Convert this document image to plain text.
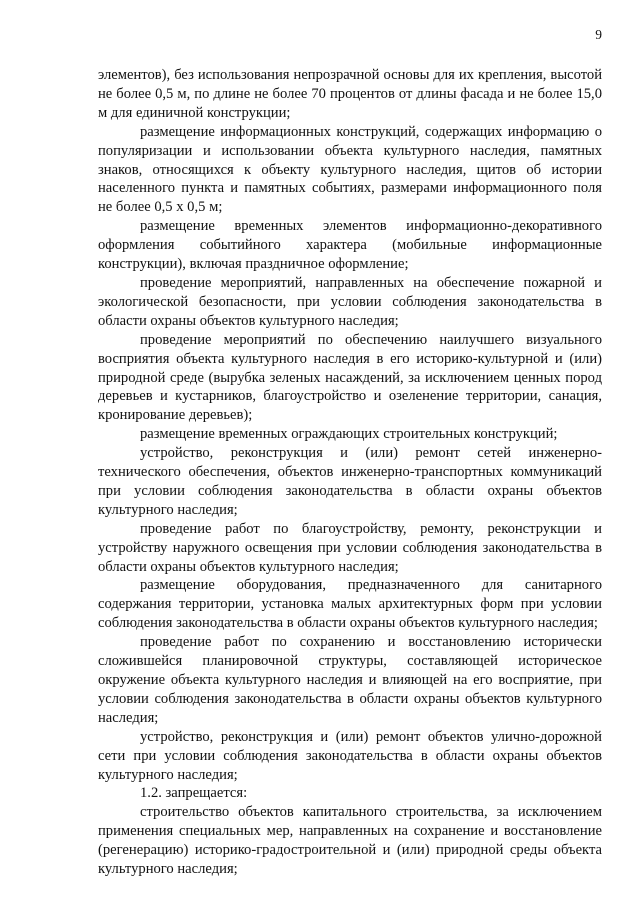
9

элементов), без использования непрозрачной основы для их крепления, высотой не более 0,5 м, по длине не более 70 процентов от длины фасада и не более 15,0 м для единичной конструкции;

размещение информационных конструкций, содержащих информацию о популяризации и использовании объекта культурного наследия, памятных знаков, относящихся к объекту культурного наследия, щитов об истории населенного пункта и памятных событиях, размерами информационного поля не более 0,5 х 0,5 м;

размещение временных элементов информационно-декоративного оформления событийного характера (мобильные информационные конструкции), включая праздничное оформление;

проведение мероприятий, направленных на обеспечение пожарной и экологической безопасности, при условии соблюдения законодательства в области охраны объектов культурного наследия;

проведение мероприятий по обеспечению наилучшего визуального восприятия объекта культурного наследия в его историко-культурной и (или) природной среде (вырубка зеленых насаждений, за исключением ценных пород деревьев и кустарников, благоустройство и озеленение территории, санация, кронирование деревьев);

размещение временных ограждающих строительных конструкций;

устройство, реконструкция и (или) ремонт сетей инженерно-технического обеспечения, объектов инженерно-транспортных коммуникаций при условии соблюдения законодательства в области охраны объектов культурного наследия;

проведение работ по благоустройству, ремонту, реконструкции и устройству наружного освещения при условии соблюдения законодательства в области охраны объектов культурного наследия;

размещение оборудования, предназначенного для санитарного содержания территории, установка малых архитектурных форм при условии соблюдения законодательства в области охраны объектов культурного наследия;

проведение работ по сохранению и восстановлению исторически сложившейся планировочной структуры, составляющей историческое окружение объекта культурного наследия и влияющей на его восприятие, при условии соблюдения законодательства в области охраны объектов культурного наследия;

устройство, реконструкция и (или) ремонт объектов улично-дорожной сети при условии соблюдения законодательства в области охраны объектов культурного наследия;

1.2. запрещается:

строительство объектов капитального строительства, за исключением применения специальных мер, направленных на сохранение и восстановление (регенерацию) историко-градостроительной и (или) природной среды объекта культурного наследия;
